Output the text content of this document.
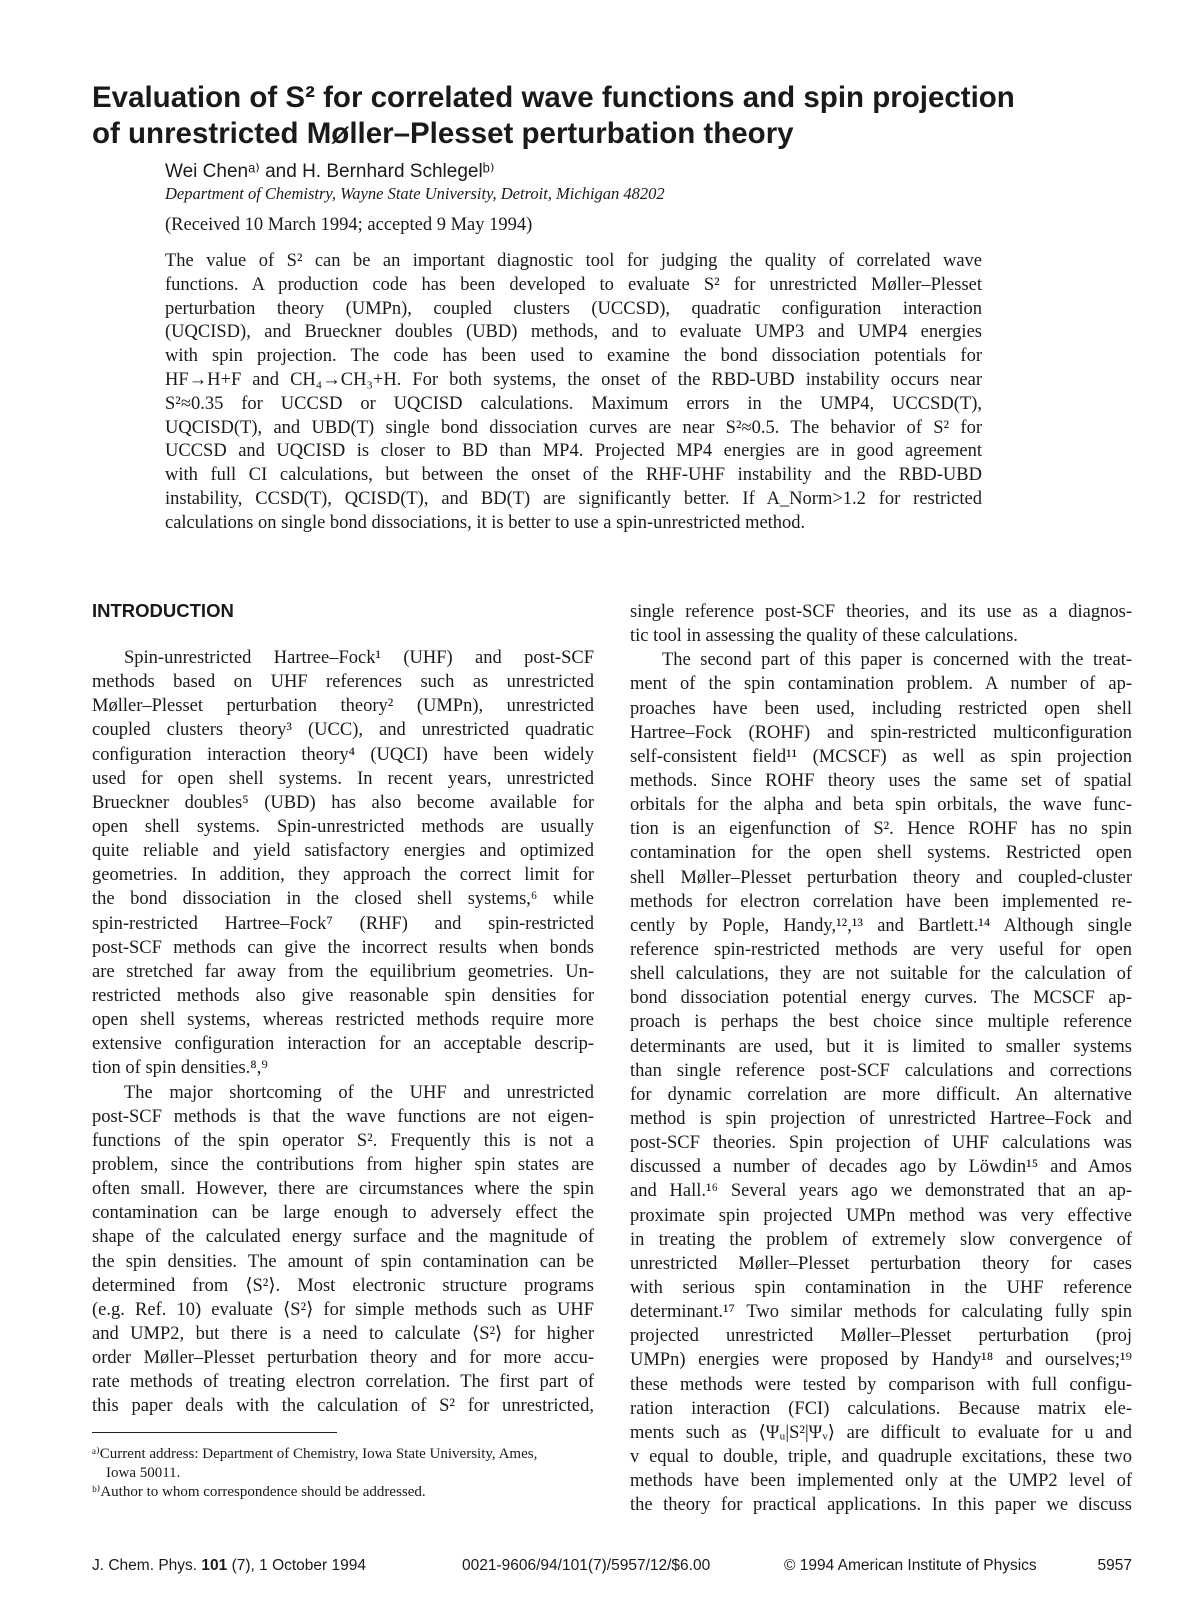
Evaluation of S² for correlated wave functions and spin projection
of unrestricted Møller–Plesset perturbation theory
Wei Chenᵃ⁾ and H. Bernhard Schlegelᵇ⁾
Department of Chemistry, Wayne State University, Detroit, Michigan 48202
(Received 10 March 1994; accepted 9 May 1994)
The value of S² can be an important diagnostic tool for judging the quality of correlated wave
functions. A production code has been developed to evaluate S² for unrestricted Møller–Plesset
perturbation theory (UMPn), coupled clusters (UCCSD), quadratic configuration interaction
(UQCISD), and Brueckner doubles (UBD) methods, and to evaluate UMP3 and UMP4 energies
with spin projection. The code has been used to examine the bond dissociation potentials for
HF→H+F and CH₄→CH₃+H. For both systems, the onset of the RBD-UBD instability occurs near
S²≈0.35 for UCCSD or UQCISD calculations. Maximum errors in the UMP4, UCCSD(T),
UQCISD(T), and UBD(T) single bond dissociation curves are near S²≈0.5. The behavior of S² for
UCCSD and UQCISD is closer to BD than MP4. Projected MP4 energies are in good agreement
with full CI calculations, but between the onset of the RHF-UHF instability and the RBD-UBD
instability, CCSD(T), QCISD(T), and BD(T) are significantly better. If A_Norm>1.2 for restricted
calculations on single bond dissociations, it is better to use a spin-unrestricted method.
INTRODUCTION
Spin-unrestricted Hartree–Fock¹ (UHF) and post-SCF
methods based on UHF references such as unrestricted
Møller–Plesset perturbation theory² (UMPn), unrestricted
coupled clusters theory³ (UCC), and unrestricted quadratic
configuration interaction theory⁴ (UQCI) have been widely
used for open shell systems. In recent years, unrestricted
Brueckner doubles⁵ (UBD) has also become available for
open shell systems. Spin-unrestricted methods are usually
quite reliable and yield satisfactory energies and optimized
geometries. In addition, they approach the correct limit for
the bond dissociation in the closed shell systems,⁶ while
spin-restricted Hartree–Fock⁷ (RHF) and spin-restricted
post-SCF methods can give the incorrect results when bonds
are stretched far away from the equilibrium geometries. Un-
restricted methods also give reasonable spin densities for
open shell systems, whereas restricted methods require more
extensive configuration interaction for an acceptable descrip-
tion of spin densities.⁸,⁹
The major shortcoming of the UHF and unrestricted
post-SCF methods is that the wave functions are not eigen-
functions of the spin operator S². Frequently this is not a
problem, since the contributions from higher spin states are
often small. However, there are circumstances where the spin
contamination can be large enough to adversely effect the
shape of the calculated energy surface and the magnitude of
the spin densities. The amount of spin contamination can be
determined from ⟨S²⟩. Most electronic structure programs
(e.g. Ref. 10) evaluate ⟨S²⟩ for simple methods such as UHF
and UMP2, but there is a need to calculate ⟨S²⟩ for higher
order Møller–Plesset perturbation theory and for more accu-
rate methods of treating electron correlation. The first part of
this paper deals with the calculation of S² for unrestricted,
single reference post-SCF theories, and its use as a diagnos-
tic tool in assessing the quality of these calculations.
The second part of this paper is concerned with the treat-
ment of the spin contamination problem. A number of ap-
proaches have been used, including restricted open shell
Hartree–Fock (ROHF) and spin-restricted multiconfiguration
self-consistent field¹¹ (MCSCF) as well as spin projection
methods. Since ROHF theory uses the same set of spatial
orbitals for the alpha and beta spin orbitals, the wave func-
tion is an eigenfunction of S². Hence ROHF has no spin
contamination for the open shell systems. Restricted open
shell Møller–Plesset perturbation theory and coupled-cluster
methods for electron correlation have been implemented re-
cently by Pople, Handy,¹²,¹³ and Bartlett.¹⁴ Although single
reference spin-restricted methods are very useful for open
shell calculations, they are not suitable for the calculation of
bond dissociation potential energy curves. The MCSCF ap-
proach is perhaps the best choice since multiple reference
determinants are used, but it is limited to smaller systems
than single reference post-SCF calculations and corrections
for dynamic correlation are more difficult. An alternative
method is spin projection of unrestricted Hartree–Fock and
post-SCF theories. Spin projection of UHF calculations was
discussed a number of decades ago by Löwdin¹⁵ and Amos
and Hall.¹⁶ Several years ago we demonstrated that an ap-
proximate spin projected UMPn method was very effective
in treating the problem of extremely slow convergence of
unrestricted Møller–Plesset perturbation theory for cases
with serious spin contamination in the UHF reference
determinant.¹⁷ Two similar methods for calculating fully spin
projected unrestricted Møller–Plesset perturbation (proj
UMPn) energies were proposed by Handy¹⁸ and ourselves;¹⁹
these methods were tested by comparison with full configu-
ration interaction (FCI) calculations. Because matrix ele-
ments such as ⟨Ψᵤ|S²|Ψᵥ⟩ are difficult to evaluate for u and
v equal to double, triple, and quadruple excitations, these two
methods have been implemented only at the UMP2 level of
the theory for practical applications. In this paper we discuss
ᵃ⁾Current address: Department of Chemistry, Iowa State University, Ames,
Iowa 50011.
ᵇ⁾Author to whom correspondence should be addressed.
J. Chem. Phys. 101 (7), 1 October 1994	0021-9606/94/101(7)/5957/12/$6.00	© 1994 American Institute of Physics	5957
